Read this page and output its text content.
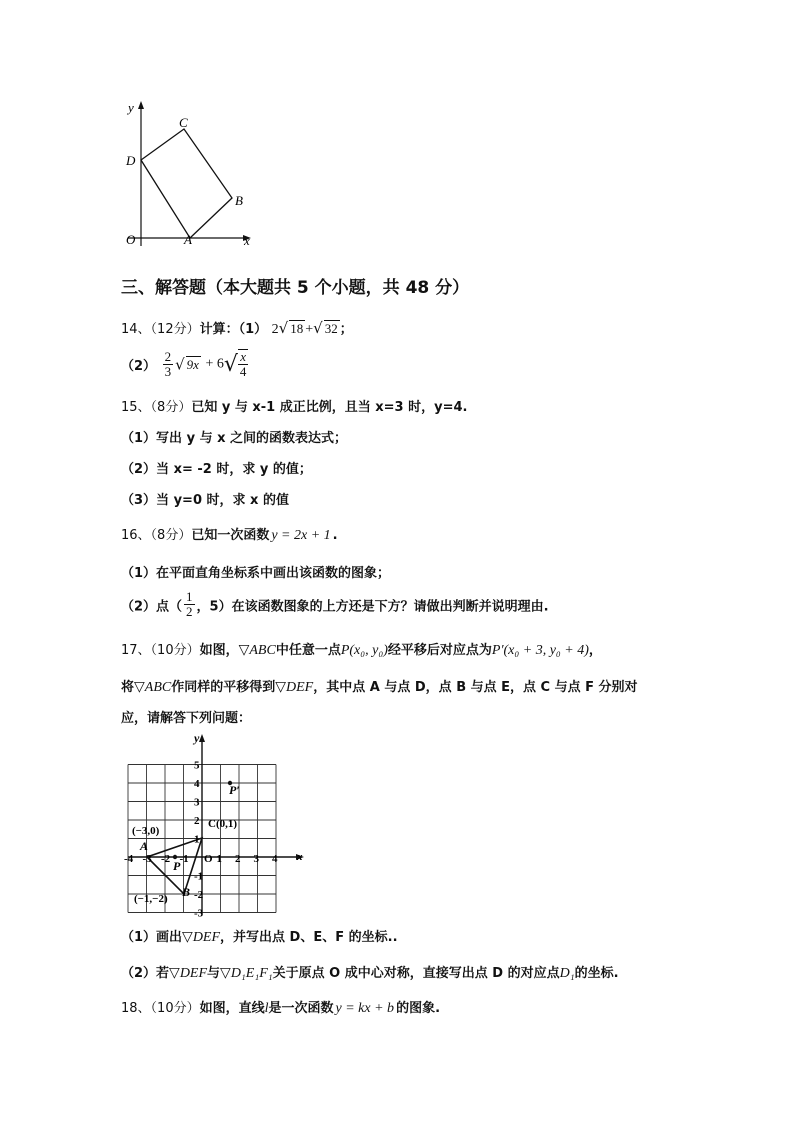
y
x
O	A
B
C
D
三、解答题（本大题共 5 个小题，共 48 分）
14、（12分）计算：（1） 2√ 18 +√ 32 ；
$(2) \frac{2}{3}$ √ $9x + 6√ \frac{x}{4}$
15、（8分）已知 y 与 x-1 成正比例，且当 x=3 时，y=4.
（1）写出 y 与 x 之间的函数表达式；
（2）当 x= -2 时，求 y 的值；
（3）当 y=0 时，求 x 的值
16、（8分）已知一次函数 y = 2x + 1 .
（1）在平面直角坐标系中画出该函数的图象；
（2）点（ $\frac{1}{2}$ ，5）在该函数图象的上方还是下方？请做出判断并说明理由.
17、（10分）如图，▽ABC中任意一点P(x₀, y₀)经平移后对应点为P′(x₀ + 3, y₀ + 4)，
将▽ABC作同样的平移得到▽DEF，其中点 A 与点 D，点 B 与点 E，点 C 与点 F 分别对
应，请解答下列问题：
y
x
P′
P
A
(−3,0)
B
(−1,−2)
C(0,1)
-4 -3 -2 -1 O 1 2 3 4
5
4
3
2
1
-1
-2
-3
（1）画出▽DEF，并写出点 D、E、F 的坐标..
（2）若▽DEF与▽D₁E₁F₁关于原点 O 成中心对称，直接写出点 D 的对应点D₁的坐标.
18、（10分）如图，直线l是一次函数 y = kx + b 的图象.
